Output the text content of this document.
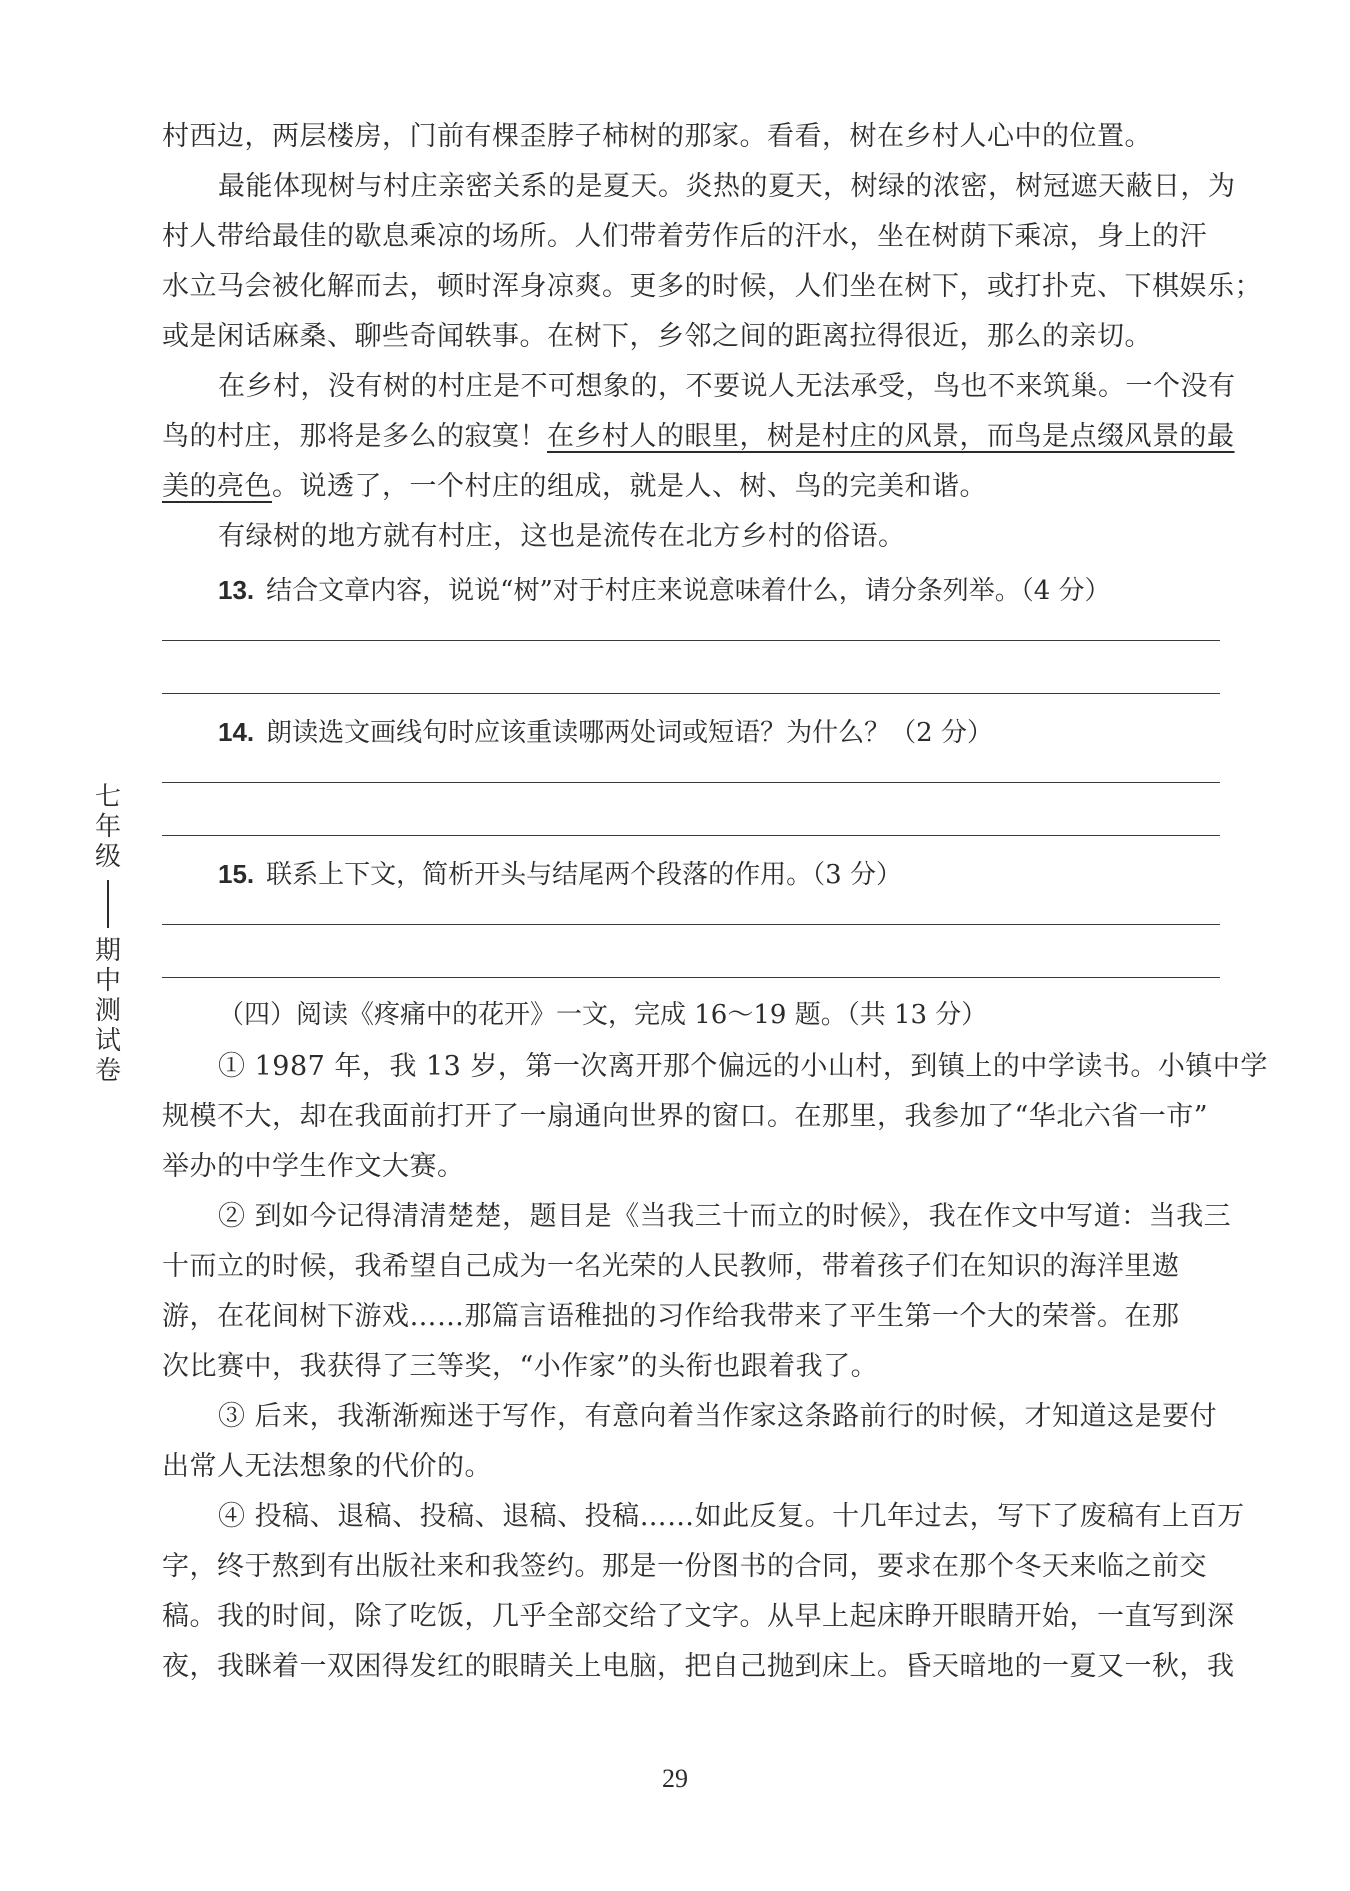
七
年
级
期
中
测
试
卷
村西边，两层楼房，门前有棵歪脖子柿树的那家。看看，树在乡村人心中的位置。
最能体现树与村庄亲密关系的是夏天。炎热的夏天，树绿的浓密，树冠遮天蔽日，为
村人带给最佳的歇息乘凉的场所。人们带着劳作后的汗水，坐在树荫下乘凉，身上的汗
水立马会被化解而去，顿时浑身凉爽。更多的时候，人们坐在树下，或打扑克、下棋娱乐；
或是闲话麻桑、聊些奇闻轶事。在树下，乡邻之间的距离拉得很近，那么的亲切。
在乡村，没有树的村庄是不可想象的，不要说人无法承受，鸟也不来筑巢。一个没有
鸟的村庄，那将是多么的寂寞！在乡村人的眼里，树是村庄的风景，而鸟是点缀风景的最
美的亮色。说透了，一个村庄的组成，就是人、树、鸟的完美和谐。
有绿树的地方就有村庄，这也是流传在北方乡村的俗语。
13. 结合文章内容，说说“树”对于村庄来说意味着什么，请分条列举。（4 分）
14. 朗读选文画线句时应该重读哪两处词或短语？为什么？（2 分）
15. 联系上下文，简析开头与结尾两个段落的作用。（3 分）
（四）阅读《疼痛中的花开》一文，完成 16～19 题。（共 13 分）
① 1987 年，我 13 岁，第一次离开那个偏远的小山村，到镇上的中学读书。小镇中学
规模不大，却在我面前打开了一扇通向世界的窗口。在那里，我参加了“华北六省一市”
举办的中学生作文大赛。
② 到如今记得清清楚楚，题目是《当我三十而立的时候》，我在作文中写道：当我三
十而立的时候，我希望自己成为一名光荣的人民教师，带着孩子们在知识的海洋里遨
游，在花间树下游戏……那篇言语稚拙的习作给我带来了平生第一个大的荣誉。在那
次比赛中，我获得了三等奖，“小作家”的头衔也跟着我了。
③ 后来，我渐渐痴迷于写作，有意向着当作家这条路前行的时候，才知道这是要付
出常人无法想象的代价的。
④ 投稿、退稿、投稿、退稿、投稿……如此反复。十几年过去，写下了废稿有上百万
字，终于熬到有出版社来和我签约。那是一份图书的合同，要求在那个冬天来临之前交
稿。我的时间，除了吃饭，几乎全部交给了文字。从早上起床睁开眼睛开始，一直写到深
夜，我眯着一双困得发红的眼睛关上电脑，把自己抛到床上。昏天暗地的一夏又一秋，我
29
